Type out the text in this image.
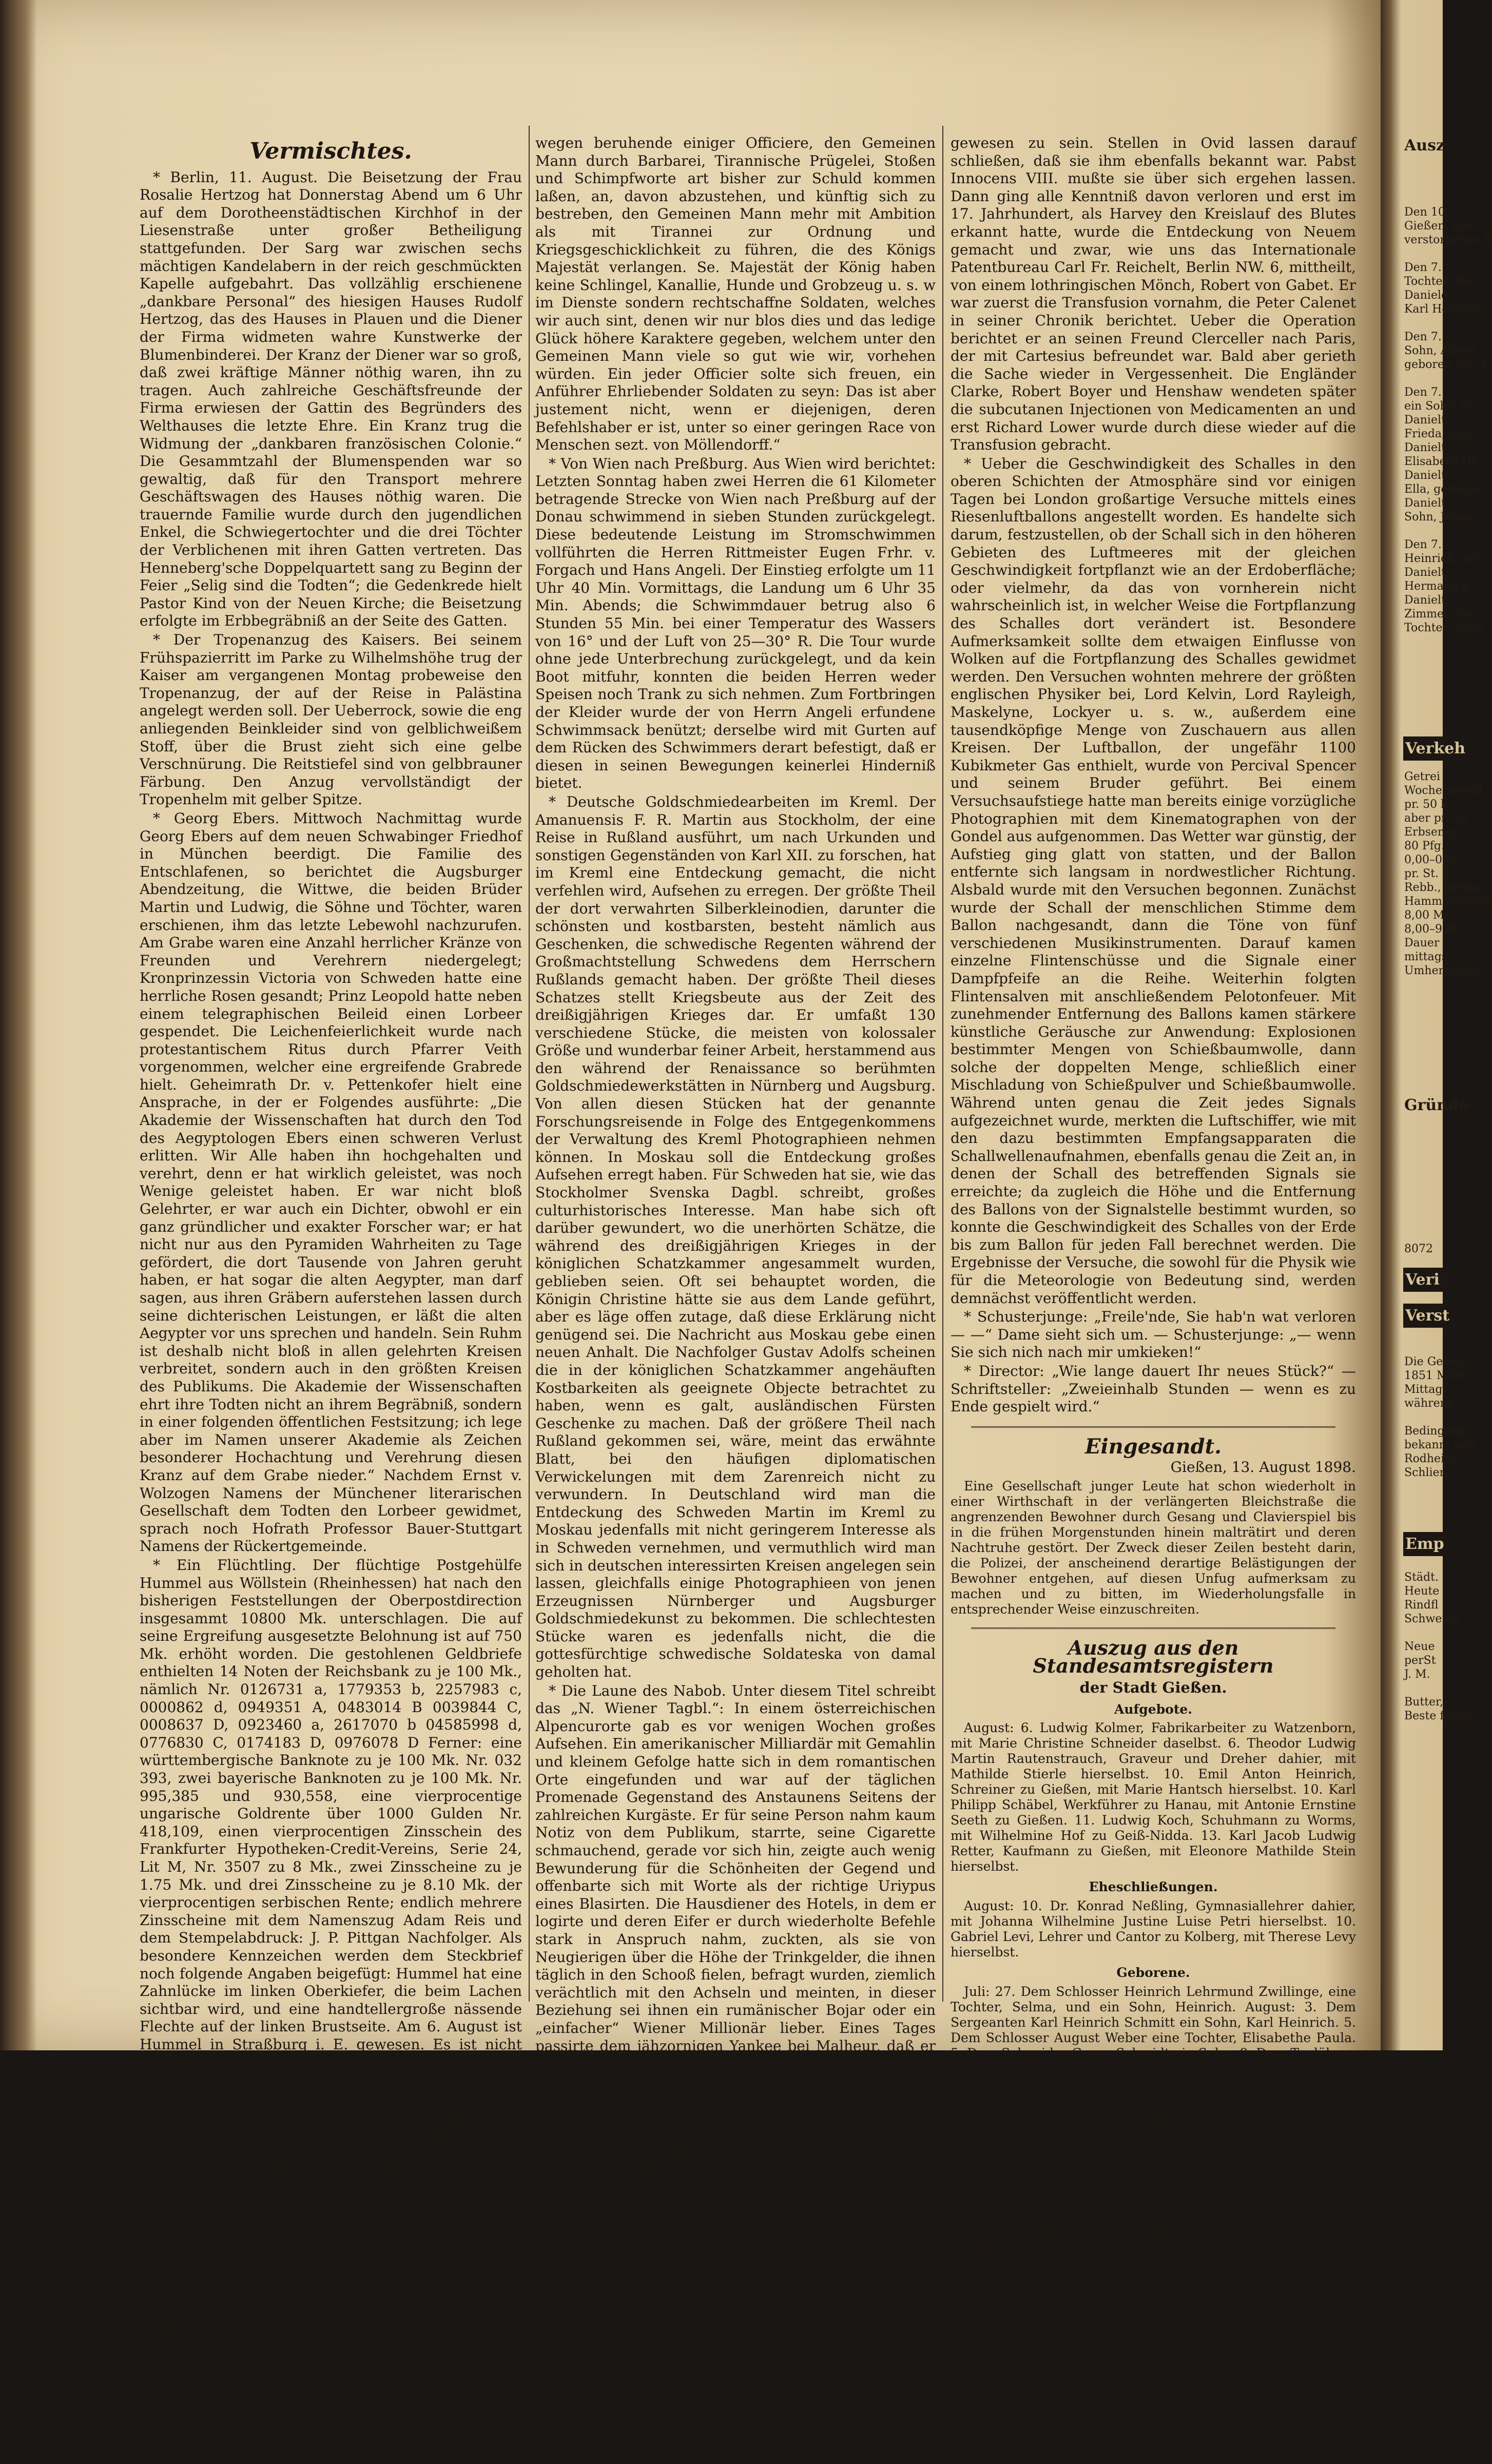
Vermischtes.

* Berlin, 11. August. Die Beisetzung der Frau Rosalie Hertzog hat Donnerstag Abend um 6 Uhr auf dem Dorotheenstädtischen Kirchhof in der Liesenstraße unter großer Betheiligung stattgefunden. Der Sarg war zwischen sechs mächtigen Kandelabern in der reich geschmückten Kapelle aufgebahrt. Das vollzählig erschienene „dankbare Personal“ des hiesigen Hauses Rudolf Hertzog, das des Hauses in Plauen und die Diener der Firma widmeten wahre Kunstwerke der Blumenbinderei. Der Kranz der Diener war so groß, daß zwei kräftige Männer nöthig waren, ihn zu tragen. Auch zahlreiche Geschäftsfreunde der Firma erwiesen der Gattin des Begründers des Welthauses die letzte Ehre. Ein Kranz trug die Widmung der „dankbaren französischen Colonie.“ Die Gesammtzahl der Blumenspenden war so gewaltig, daß für den Transport mehrere Geschäftswagen des Hauses nöthig waren. Die trauernde Familie wurde durch den jugendlichen Enkel, die Schwiegertochter und die drei Töchter der Verblichenen mit ihren Gatten vertreten. Das Henneberg'sche Doppelquartett sang zu Beginn der Feier „Selig sind die Todten“; die Gedenkrede hielt Pastor Kind von der Neuen Kirche; die Beisetzung erfolgte im Erbbegräbniß an der Seite des Gatten.

* Der Tropenanzug des Kaisers. Bei seinem Frühspazierritt im Parke zu Wilhelmshöhe trug der Kaiser am vergangenen Montag probeweise den Tropenanzug, der auf der Reise in Palästina angelegt werden soll. Der Ueberrock, sowie die eng anliegenden Beinkleider sind von gelblichweißem Stoff, über die Brust zieht sich eine gelbe Verschnürung. Die Reitstiefel sind von gelbbrauner Färbung. Den Anzug vervollständigt der Tropenhelm mit gelber Spitze.

* Georg Ebers. Mittwoch Nachmittag wurde Georg Ebers auf dem neuen Schwabinger Friedhof in München beerdigt. Die Familie des Entschlafenen, so berichtet die Augsburger Abendzeitung, die Wittwe, die beiden Brüder Martin und Ludwig, die Söhne und Töchter, waren erschienen, ihm das letzte Lebewohl nachzurufen. Am Grabe waren eine Anzahl herrlicher Kränze von Freunden und Verehrern niedergelegt; Kronprinzessin Victoria von Schweden hatte eine herrliche Rosen gesandt; Prinz Leopold hatte neben einem telegraphischen Beileid einen Lorbeer gespendet. Die Leichenfeierlichkeit wurde nach protestantischem Ritus durch Pfarrer Veith vorgenommen, welcher eine ergreifende Grabrede hielt. Geheimrath Dr. v. Pettenkofer hielt eine Ansprache, in der er Folgendes ausführte: „Die Akademie der Wissenschaften hat durch den Tod des Aegyptologen Ebers einen schweren Verlust erlitten. Wir Alle haben ihn hochgehalten und verehrt, denn er hat wirklich geleistet, was noch Wenige geleistet haben. Er war nicht bloß Gelehrter, er war auch ein Dichter, obwohl er ein ganz gründlicher und exakter Forscher war; er hat nicht nur aus den Pyramiden Wahrheiten zu Tage gefördert, die dort Tausende von Jahren geruht haben, er hat sogar die alten Aegypter, man darf sagen, aus ihren Gräbern auferstehen lassen durch seine dichterischen Leistungen, er läßt die alten Aegypter vor uns sprechen und handeln. Sein Ruhm ist deshalb nicht bloß in allen gelehrten Kreisen verbreitet, sondern auch in den größten Kreisen des Publikums. Die Akademie der Wissenschaften ehrt ihre Todten nicht an ihrem Begräbniß, sondern in einer folgenden öffentlichen Festsitzung; ich lege aber im Namen unserer Akademie als Zeichen besonderer Hochachtung und Verehrung diesen Kranz auf dem Grabe nieder.“ Nachdem Ernst v. Wolzogen Namens der Münchener literarischen Gesellschaft dem Todten den Lorbeer gewidmet, sprach noch Hofrath Professor Bauer-Stuttgart Namens der Rückertgemeinde.

* Ein Flüchtling. Der flüchtige Postgehülfe Hummel aus Wöllstein (Rheinhessen) hat nach den bisherigen Feststellungen der Oberpostdirection insgesammt 10800 Mk. unterschlagen. Die auf seine Ergreifung ausgesetzte Belohnung ist auf 750 Mk. erhöht worden. Die gestohlenen Geldbriefe enthielten 14 Noten der Reichsbank zu je 100 Mk., nämlich Nr. 0126731 a, 1779353 b, 2257983 c, 0000862 d, 0949351 A, 0483014 B 0039844 C, 0008637 D, 0923460 a, 2617070 b 04585998 d, 0776830 C, 0174183 D, 0976078 D Ferner: eine württembergische Banknote zu je 100 Mk. Nr. 032 393, zwei bayerische Banknoten zu je 100 Mk. Nr. 995,385 und 930,558, eine vierprocentige ungarische Goldrente über 1000 Gulden Nr. 418,109, einen vierprocentigen Zinsschein des Frankfurter Hypotheken-Credit-Vereins, Serie 24, Lit M, Nr. 3507 zu 8 Mk., zwei Zinsscheine zu je 1.75 Mk. und drei Zinsscheine zu je 8.10 Mk. der vierprocentigen serbischen Rente; endlich mehrere Zinsscheine mit dem Namenszug Adam Reis und dem Stempelabdruck: J. P. Pittgan Nachfolger. Als besondere Kennzeichen werden dem Steckbrief noch folgende Angaben beigefügt: Hummel hat eine Zahnlücke im linken Oberkiefer, die beim Lachen sichtbar wird, und eine handtellergroße nässende Flechte auf der linken Brustseite. Am 6. August ist Hummel in Straßburg i. E. gewesen. Es ist nicht ausgeschlossen, daß er zur Flucht ein Fahrrad benutzt und daß er unter dem Namen „Sommerlad“ reist.

* Das „Milit.-Wochenbl.“ veröffentlicht nachstehenden alten Berliner Parolebefehl, der ungefähr im Jahre 1787 ergangen ist und unter den Papieren von Rheinhold Wilhelm v. Essen, gestorben 1788 als Generalleutenant und Obercommandant von Reval, gefunden wurde: „Jüngst machte der Gouverneur zu Berlin, der Vortreffliche Generalleitenant von Möllendorff bei der Parole folgenden Befehl bekannt: Seit zwei Jahren, als so lange ich das Guwernement in hiesigen Residenzien führe, ist eine meiner ersten bemühungen hierauf gerichtet, zu mehreren Wohlstand, zur Ehre der Menschheit die Geringschätzige Art der Officiere gegen den gemeinen Mann auszurotten, und muß ich zu meiner Beruhigung und Freude sagen, daß ich bei sechs in hiesiger Garnison stehenden Regimentern offenbar die Früchte davon gewahr werde. Nur bey einem Regimente, daß ich bis jetzt noch nicht nennen will, ist die alte auf Irr-

wegen beruhende einiger Officiere, den Gemeinen Mann durch Barbarei, Tirannische Prügelei, Stoßen und Schimpfworte art bisher zur Schuld kommen laßen, an, davon abzustehen, und künftig sich zu bestreben, den Gemeinen Mann mehr mit Ambition als mit Tirannei zur Ordnung und Kriegsgeschicklichkeit zu führen, die des Königs Majestät verlangen. Se. Majestät der König haben keine Schlingel, Kanallie, Hunde und Grobzeug u. s. w im Dienste sondern rechtschaffne Soldaten, welches wir auch sint, denen wir nur blos dies und das ledige Glück höhere Karaktere gegeben, welchem unter den Gemeinen Mann viele so gut wie wir, vorhehen würden. Ein jeder Officier solte sich freuen, ein Anführer Ehrliebender Soldaten zu seyn: Das ist aber justement nicht, wenn er diejenigen, deren Befehlshaber er ist, unter so einer geringen Race von Menschen sezt. von Möllendorff.“

* Von Wien nach Preßburg. Aus Wien wird berichtet: Letzten Sonntag haben zwei Herren die 61 Kilometer betragende Strecke von Wien nach Preßburg auf der Donau schwimmend in sieben Stunden zurückgelegt. Diese bedeutende Leistung im Stromschwimmen vollführten die Herren Rittmeister Eugen Frhr. v. Forgach und Hans Angeli. Der Einstieg erfolgte um 11 Uhr 40 Min. Vormittags, die Landung um 6 Uhr 35 Min. Abends; die Schwimmdauer betrug also 6 Stunden 55 Min. bei einer Temperatur des Wassers von 16° und der Luft von 25—30° R. Die Tour wurde ohne jede Unterbrechung zurückgelegt, und da kein Boot mitfuhr, konnten die beiden Herren weder Speisen noch Trank zu sich nehmen. Zum Fortbringen der Kleider wurde der von Herrn Angeli erfundene Schwimmsack benützt; derselbe wird mit Gurten auf dem Rücken des Schwimmers derart befestigt, daß er diesen in seinen Bewegungen keinerlei Hinderniß bietet.

* Deutsche Goldschmiedearbeiten im Kreml. Der Amanuensis F. R. Martin aus Stockholm, der eine Reise in Rußland ausführt, um nach Urkunden und sonstigen Gegenständen von Karl XII. zu forschen, hat im Kreml eine Entdeckung gemacht, die nicht verfehlen wird, Aufsehen zu erregen. Der größte Theil der dort verwahrten Silberkleinodien, darunter die schönsten und kostbarsten, besteht nämlich aus Geschenken, die schwedische Regenten während der Großmachtstellung Schwedens dem Herrschern Rußlands gemacht haben. Der größte Theil dieses Schatzes stellt Kriegsbeute aus der Zeit des dreißigjährigen Krieges dar. Er umfaßt 130 verschiedene Stücke, die meisten von kolossaler Größe und wunderbar feiner Arbeit, herstammend aus den während der Renaissance so berühmten Goldschmiedewerkstätten in Nürnberg und Augsburg. Von allen diesen Stücken hat der genannte Forschungsreisende in Folge des Entgegenkommens der Verwaltung des Kreml Photographieen nehmen können. In Moskau soll die Entdeckung großes Aufsehen erregt haben. Für Schweden hat sie, wie das Stockholmer Svenska Dagbl. schreibt, großes culturhistorisches Interesse. Man habe sich oft darüber gewundert, wo die unerhörten Schätze, die während des dreißigjährigen Krieges in der königlichen Schatzkammer angesammelt wurden, geblieben seien. Oft sei behauptet worden, die Königin Christine hätte sie aus dem Lande geführt, aber es läge offen zutage, daß diese Erklärung nicht genügend sei. Die Nachricht aus Moskau gebe einen neuen Anhalt. Die Nachfolger Gustav Adolfs scheinen die in der königlichen Schatzkammer angehäuften Kostbarkeiten als geeignete Objecte betrachtet zu haben, wenn es galt, ausländischen Fürsten Geschenke zu machen. Daß der größere Theil nach Rußland gekommen sei, wäre, meint das erwähnte Blatt, bei den häufigen diplomatischen Verwickelungen mit dem Zarenreich nicht zu verwundern. In Deutschland wird man die Entdeckung des Schweden Martin im Kreml zu Moskau jedenfalls mit nicht geringerem Interesse als in Schweden vernehmen, und vermuthlich wird man sich in deutschen interessirten Kreisen angelegen sein lassen, gleichfalls einige Photographieen von jenen Erzeugnissen Nürnberger und Augsburger Goldschmiedekunst zu bekommen. Die schlechtesten Stücke waren es jedenfalls nicht, die die gottesfürchtige schwedische Soldateska von damal geholten hat.

* Die Laune des Nabob. Unter diesem Titel schreibt das „N. Wiener Tagbl.“: In einem österreichischen Alpencurorte gab es vor wenigen Wochen großes Aufsehen. Ein amerikanischer Milliardär mit Gemahlin und kleinem Gefolge hatte sich in dem romantischen Orte eingefunden und war auf der täglichen Promenade Gegenstand des Anstaunens Seitens der zahlreichen Kurgäste. Er für seine Person nahm kaum Notiz von dem Publikum, starrte, seine Cigarette schmauchend, gerade vor sich hin, zeigte auch wenig Bewunderung für die Schönheiten der Gegend und offenbarte sich mit Worte als der richtige Uriypus eines Blasirten. Die Hausdiener des Hotels, in dem er logirte und deren Eifer er durch wiederholte Befehle stark in Anspruch nahm, zuckten, als sie von Neugierigen über die Höhe der Trinkgelder, die ihnen täglich in den Schooß fielen, befragt wurden, ziemlich verächtlich mit den Achseln und meinten, in dieser Beziehung sei ihnen ein rumänischer Bojar oder ein „einfacher“ Wiener Millionär lieber. Eines Tages passirte dem jähzornigen Yankee bei Malheur, daß er ein Fleischstückchen zwischen seinem Gebiß nicht herausbringen konnte. Er lenkte seine Schritte zu dem im Orte ansässigen Zahnarzt, ließ den Eindringling aus den Zähnen entfernen und überreichte dem ihm sprachlos Nachstarrenden als Honorar — zwei Hundert-Dollarnoten. Die Kunde von diesem fürstlichen Honorar durchflog wie ein Lauffeuer den Curort und Mr. X wurde bei der Abendmusik noch mehr angestaunt und angestiert, als an den Tagen zuvor. Diese Laune des Nabob war aber nicht die einzige, der er sich während seines Aufenthaltes im Curorte hingab. Als er abreiste, sah man im Hotel viele lange Gesichter.

* Die Transfusion des Blutes ist nicht, wie man gewöhnlich anzunehmen geneigt ist, eine Errungenschaft der Neuzeit, vielmehr scheint sie schon den alten Egyptern bekannt

gewesen zu sein. Stellen in Ovid lassen darauf schließen, daß sie ihm ebenfalls bekannt war. Pabst Innocens VIII. mußte sie über sich ergehen lassen. Dann ging alle Kenntniß davon verloren und erst im 17. Jahrhundert, als Harvey den Kreislauf des Blutes erkannt hatte, wurde die Entdeckung von Neuem gemacht und zwar, wie uns das Internationale Patentbureau Carl Fr. Reichelt, Berlin NW. 6, mittheilt, von einem lothringischen Mönch, Robert von Gabet. Er war zuerst die Transfusion vornahm, die Peter Calenet in seiner Chronik berichtet. Ueber die Operation berichtet er an seinen Freund Clerceller nach Paris, der mit Cartesius befreundet war. Bald aber gerieth die Sache wieder in Vergessenheit. Die Engländer Clarke, Robert Boyer und Henshaw wendeten später die subcutanen Injectionen von Medicamenten an und erst Richard Lower wurde durch diese wieder auf die Transfusion gebracht.

* Ueber die Geschwindigkeit des Schalles in den oberen Schichten der Atmosphäre sind vor einigen Tagen bei London großartige Versuche mittels eines Riesenluftballons angestellt worden. Es handelte sich darum, festzustellen, ob der Schall sich in den höheren Gebieten des Luftmeeres mit der gleichen Geschwindigkeit fortpflanzt wie an der Erdoberfläche; oder vielmehr, da das von vornherein nicht wahrscheinlich ist, in welcher Weise die Fortpflanzung des Schalles dort verändert ist. Besondere Aufmerksamkeit sollte dem etwaigen Einflusse von Wolken auf die Fortpflanzung des Schalles gewidmet werden. Den Versuchen wohnten mehrere der größten englischen Physiker bei, Lord Kelvin, Lord Rayleigh, Maskelyne, Lockyer u. s. w., außerdem eine tausendköpfige Menge von Zuschauern aus allen Kreisen. Der Luftballon, der ungefähr 1100 Kubikmeter Gas enthielt, wurde von Percival Spencer und seinem Bruder geführt. Bei einem Versuchsaufstiege hatte man bereits einige vorzügliche Photographien mit dem Kinematographen von der Gondel aus aufgenommen. Das Wetter war günstig, der Aufstieg ging glatt von statten, und der Ballon entfernte sich langsam in nordwestlicher Richtung. Alsbald wurde mit den Versuchen begonnen. Zunächst wurde der Schall der menschlichen Stimme dem Ballon nachgesandt, dann die Töne von fünf verschiedenen Musikinstrumenten. Darauf kamen einzelne Flintenschüsse und die Signale einer Dampfpfeife an die Reihe. Weiterhin folgten Flintensalven mit anschließendem Pelotonfeuer. Mit zunehmender Entfernung des Ballons kamen stärkere künstliche Geräusche zur Anwendung: Explosionen bestimmter Mengen von Schießbaumwolle, dann solche der doppelten Menge, schließlich einer Mischladung von Schießpulver und Schießbaumwolle. Während unten genau die Zeit jedes Signals aufgezeichnet wurde, merkten die Luftschiffer, wie mit den dazu bestimmten Empfangsapparaten die Schallwellenaufnahmen, ebenfalls genau die Zeit an, in denen der Schall des betreffenden Signals sie erreichte; da zugleich die Höhe und die Entfernung des Ballons von der Signalstelle bestimmt wurden, so konnte die Geschwindigkeit des Schalles von der Erde bis zum Ballon für jeden Fall berechnet werden. Die Ergebnisse der Versuche, die sowohl für die Physik wie für die Meteorologie von Bedeutung sind, werden demnächst veröffentlicht werden.

* Schusterjunge: „Freile'nde, Sie hab'n wat verloren — —“ Dame sieht sich um. — Schusterjunge: „— wenn Sie sich nich nach mir umkieken!“

* Director: „Wie lange dauert Ihr neues Stück?“ — Schriftsteller: „Zweieinhalb Stunden — wenn es zu Ende gespielt wird.“

Eingesandt.
Gießen, 13. August 1898.

Eine Gesellschaft junger Leute hat schon wiederholt in einer Wirthschaft in der verlängerten Bleichstraße die angrenzenden Bewohner durch Gesang und Clavierspiel bis in die frühen Morgenstunden hinein malträtirt und deren Nachtruhe gestört. Der Zweck dieser Zeilen besteht darin, die Polizei, der anscheinend derartige Belästigungen der Bewohner entgehen, auf diesen Unfug aufmerksam zu machen und zu bitten, im Wiederholungsfalle in entsprechender Weise einzuschreiten.

Auszug aus den Standesamtsregistern
der Stadt Gießen.
Aufgebote.

August: 6. Ludwig Kolmer, Fabrikarbeiter zu Watzenborn, mit Marie Christine Schneider daselbst. 6. Theodor Ludwig Martin Rautenstrauch, Graveur und Dreher dahier, mit Mathilde Stierle hierselbst. 10. Emil Anton Heinrich, Schreiner zu Gießen, mit Marie Hantsch hierselbst. 10. Karl Philipp Schäbel, Werkführer zu Hanau, mit Antonie Ernstine Seeth zu Gießen. 11. Ludwig Koch, Schuhmann zu Worms, mit Wilhelmine Hof zu Geiß-Nidda. 13. Karl Jacob Ludwig Retter, Kaufmann zu Gießen, mit Eleonore Mathilde Stein hierselbst.

Eheschließungen.

August: 10. Dr. Konrad Neßling, Gymnasiallehrer dahier, mit Johanna Wilhelmine Justine Luise Petri hierselbst. 10. Gabriel Levi, Lehrer und Cantor zu Kolberg, mit Therese Levy hierselbst.

Geborene.

Juli: 27. Dem Schlosser Heinrich Lehrmund Zwillinge, eine Tochter, Selma, und ein Sohn, Heinrich. August: 3. Dem Sergeanten Karl Heinrich Schmitt ein Sohn, Karl Heinrich. 5. Dem Schlosser August Weber eine Tochter, Elisabethe Paula. 5. Dem Schneider Georg Schmidt ein Sohn. 8. Dem Taglöhner Friedrich Wilhelm Bechthold ein Sohn, Friedrich Wilhelm. 9. Dem Feldhändler Simon Nußbaum ein Sohn, Jakob. 9. Dem Sattlermeister Friedrich Groß ein Sohn.

Gestorbene.

Juli: 28. Heinrich Lehrmund, 12 Stunden alt, Sohn von Schlosser Heinrich Lehrmund dahier. August: 5. Adolf Bernhard, 5 Monate alt, Sohn von Metzgermeister Adolf Bernhard dahier. 6. Karl Lenz, 58 Jahre alt, Stationsvorsteher i. P. dahier. 6. Johann Anton Waldschmidt, 64½ Jahre alt, Gastwirth von Wetzlar. 7. Heinrich Rühl, 3 Monate alt, Sohn von Maurer Heinrich Rühl dahier. 7. Margarethe Alwine Pfeiffer, 3 Jahre alt, Tochter von Kaufmann Karl Pfeiffer zu Kreuznach. 7. Luise Hinkel, 51 Jahre alt, ledig, Händlerin von Heiligenhaus, Kreis Friedberg. 8. Anna Bergdäuser, 41 Jahre alt, Kesselheizer von Wetzlar. 12. Adeline Friederike Bechtold, 58 Jahre alt, ledig, Privatin dahier.

Ausz
Den 10.
Gießen, und
verstorbenen E

Den 7.
Tochter, Elis
Daniele
Karl Heinrich

Den 7.
Sohn, Albert
geboren den 1

Den 7.
ein Sohn, G
Danielt
Frieda, geb.
Danielt
Elisabeth He
Danielt
Ella, geboren
Danielt
Sohn, Johan

Den 7.
Heinrich, geb
Danielt
Hermann K
Danielt
Zimmer ein
Tochter, Anna
Verkeh
Getrei
Wochenmarkt
pr. 50 k
aber pr. 50
Erbsen pr.
80 Pfg.
0,00–0,00
pr. St. 0
Rebb., geflug
Hammelfleisch
8,00 M.
8,00–9,00
Dauer
mittags.
Umherziehen
Gründe
8072
Veri
Verst
Die Gemei
1851 Mittw
Mittags
während

Bedingung
bekannt geg
Rodheim
Schlier
Emp
Städt.
Heute
Rindfl
Schweine

Neue
perSt
J. M.

Butter,
Beste frisch
